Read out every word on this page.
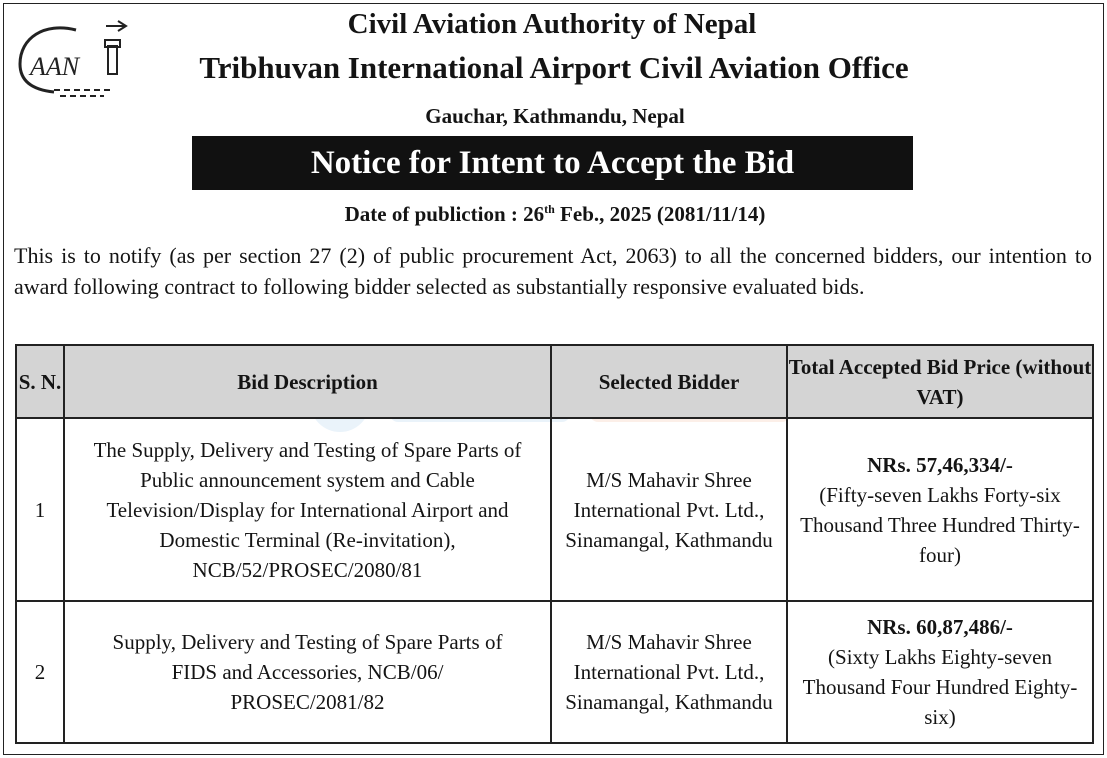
AAN
Civil Aviation Authority of Nepal
Tribhuvan International Airport Civil Aviation Office
Gauchar, Kathmandu, Nepal
Notice for Intent to Accept the Bid
Date of publiction : 26th Feb., 2025 (2081/11/14)
This is to notify (as per section 27 (2) of public procurement Act, 2063) to all the concerned bidders, our intention to award following contract to following bidder selected as substantially responsive evaluated bids.
S. N.	Bid Description	Selected Bidder	Total Accepted Bid Price (without VAT)
1	The Supply, Delivery and Testing of Spare Parts of Public announcement system and Cable Television/Display for International Airport and Domestic Terminal (Re-invitation), NCB/52/PROSEC/2080/81	M/S Mahavir Shree International Pvt. Ltd., Sinamangal, Kathmandu	NRs. 57,46,334/-
(Fifty-seven Lakhs Forty-six Thousand Three Hundred Thirty-four)

2	Supply, Delivery and Testing of Spare Parts of FIDS and Accessories, NCB/06/ PROSEC/2081/82	M/S Mahavir Shree International Pvt. Ltd., Sinamangal, Kathmandu	NRs. 60,87,486/-
(Sixty Lakhs Eighty-seven Thousand Four Hundred Eighty-six)
